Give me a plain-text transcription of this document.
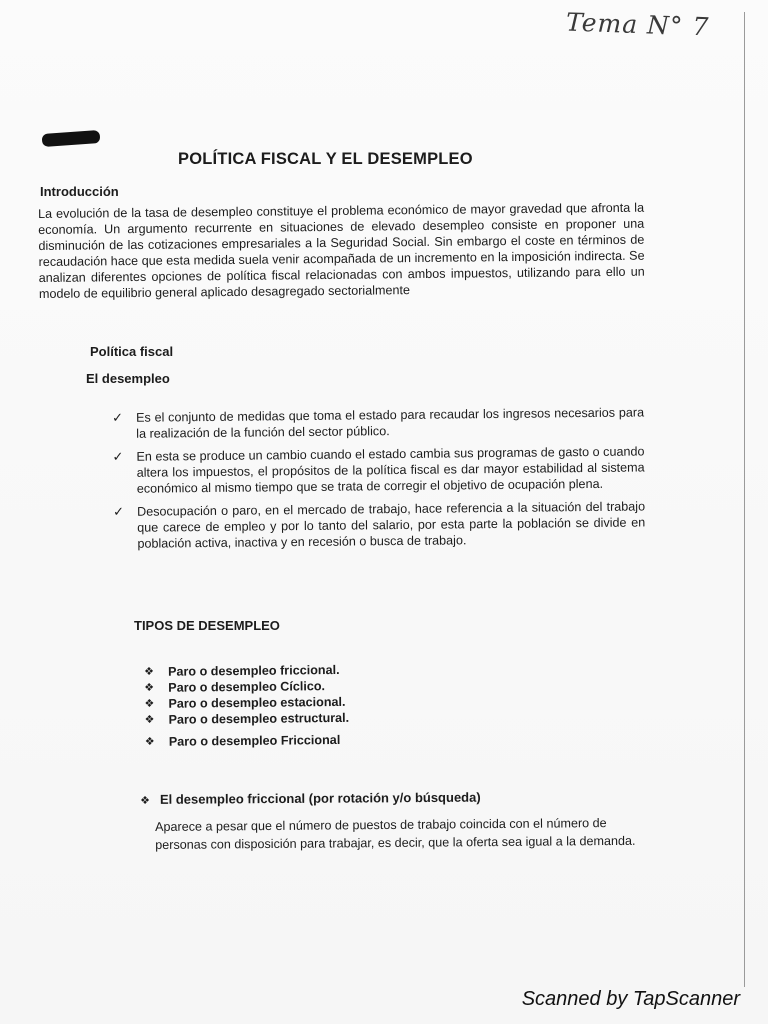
Tema N° 7
POLÍTICA FISCAL Y EL DESEMPLEO
Introducción
La evolución de la tasa de desempleo constituye el problema económico de mayor gravedad que afronta la economía. Un argumento recurrente en situaciones de elevado desempleo consiste en proponer una disminución de las cotizaciones empresariales a la Seguridad Social. Sin embargo el coste en términos de recaudación hace que esta medida suela venir acompañada de un incremento en la imposición indirecta. Se analizan diferentes opciones de política fiscal relacionadas con ambos impuestos, utilizando para ello un modelo de equilibrio general aplicado desagregado sectorialmente
Política fiscal
El desempleo
✓ Es el conjunto de medidas que toma el estado para recaudar los ingresos necesarios para la realización de la función del sector público.
✓ En esta se produce un cambio cuando el estado cambia sus programas de gasto o cuando altera los impuestos, el propósitos de la política fiscal es dar mayor estabilidad al sistema económico al mismo tiempo que se trata de corregir el objetivo de ocupación plena.
✓ Desocupación o paro, en el mercado de trabajo, hace referencia a la situación del trabajo que carece de empleo y por lo tanto del salario, por esta parte la población se divide en población activa, inactiva y en recesión o busca de trabajo.
TIPOS DE DESEMPLEO
❖ Paro o desempleo friccional.
❖ Paro o desempleo Cíclico.
❖ Paro o desempleo estacional.
❖ Paro o desempleo estructural.
❖ Paro o desempleo Friccional
❖ El desempleo friccional (por rotación y/o búsqueda)
Aparece a pesar que el número de puestos de trabajo coincida con el número de personas con disposición para trabajar, es decir, que la oferta sea igual a la demanda.
Scanned by TapScanner
